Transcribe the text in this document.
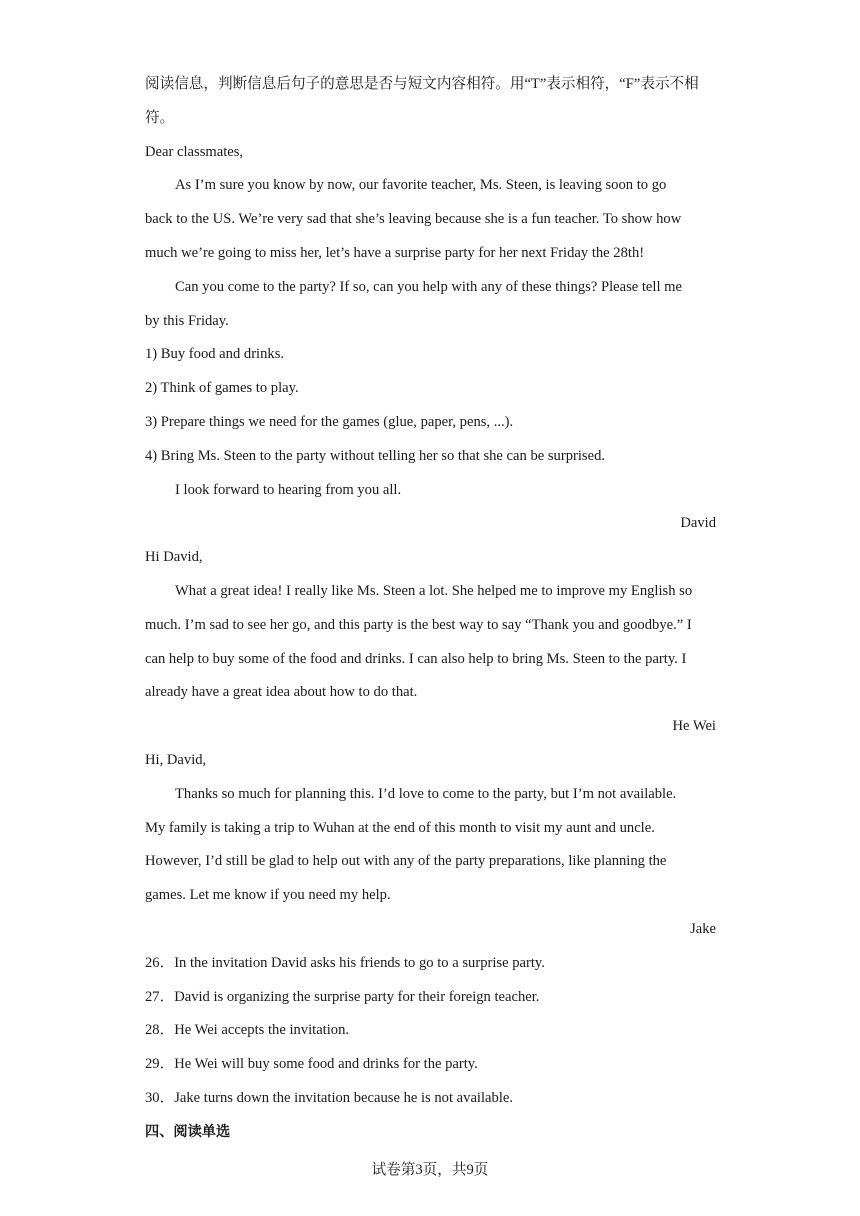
阅读信息，判断信息后句子的意思是否与短文内容相符。用“T”表示相符，“F”表示不相

符。

Dear classmates,

As I’m sure you know by now, our favorite teacher, Ms. Steen, is leaving soon to go

back to the US. We’re very sad that she’s leaving because she is a fun teacher. To show how

much we’re going to miss her, let’s have a surprise party for her next Friday the 28th!

Can you come to the party? If so, can you help with any of these things? Please tell me

by this Friday.

1) Buy food and drinks.

2) Think of games to play.

3) Prepare things we need for the games (glue, paper, pens, ...).

4) Bring Ms. Steen to the party without telling her so that she can be surprised.

I look forward to hearing from you all.

David

Hi David,

What a great idea! I really like Ms. Steen a lot. She helped me to improve my English so

much. I’m sad to see her go, and this party is the best way to say “Thank you and goodbye.” I

can help to buy some of the food and drinks. I can also help to bring Ms. Steen to the party. I

already have a great idea about how to do that.

He Wei

Hi, David,

Thanks so much for planning this. I’d love to come to the party, but I’m not available.

My family is taking a trip to Wuhan at the end of this month to visit my aunt and uncle.

However, I’d still be glad to help out with any of the party preparations, like planning the

games. Let me know if you need my help.

Jake

26．In the invitation David asks his friends to go to a surprise party.

27．David is organizing the surprise party for their foreign teacher.

28．He Wei accepts the invitation.

29．He Wei will buy some food and drinks for the party.

30．Jake turns down the invitation because he is not available.

四、阅读单选

试卷第3页，共9页
